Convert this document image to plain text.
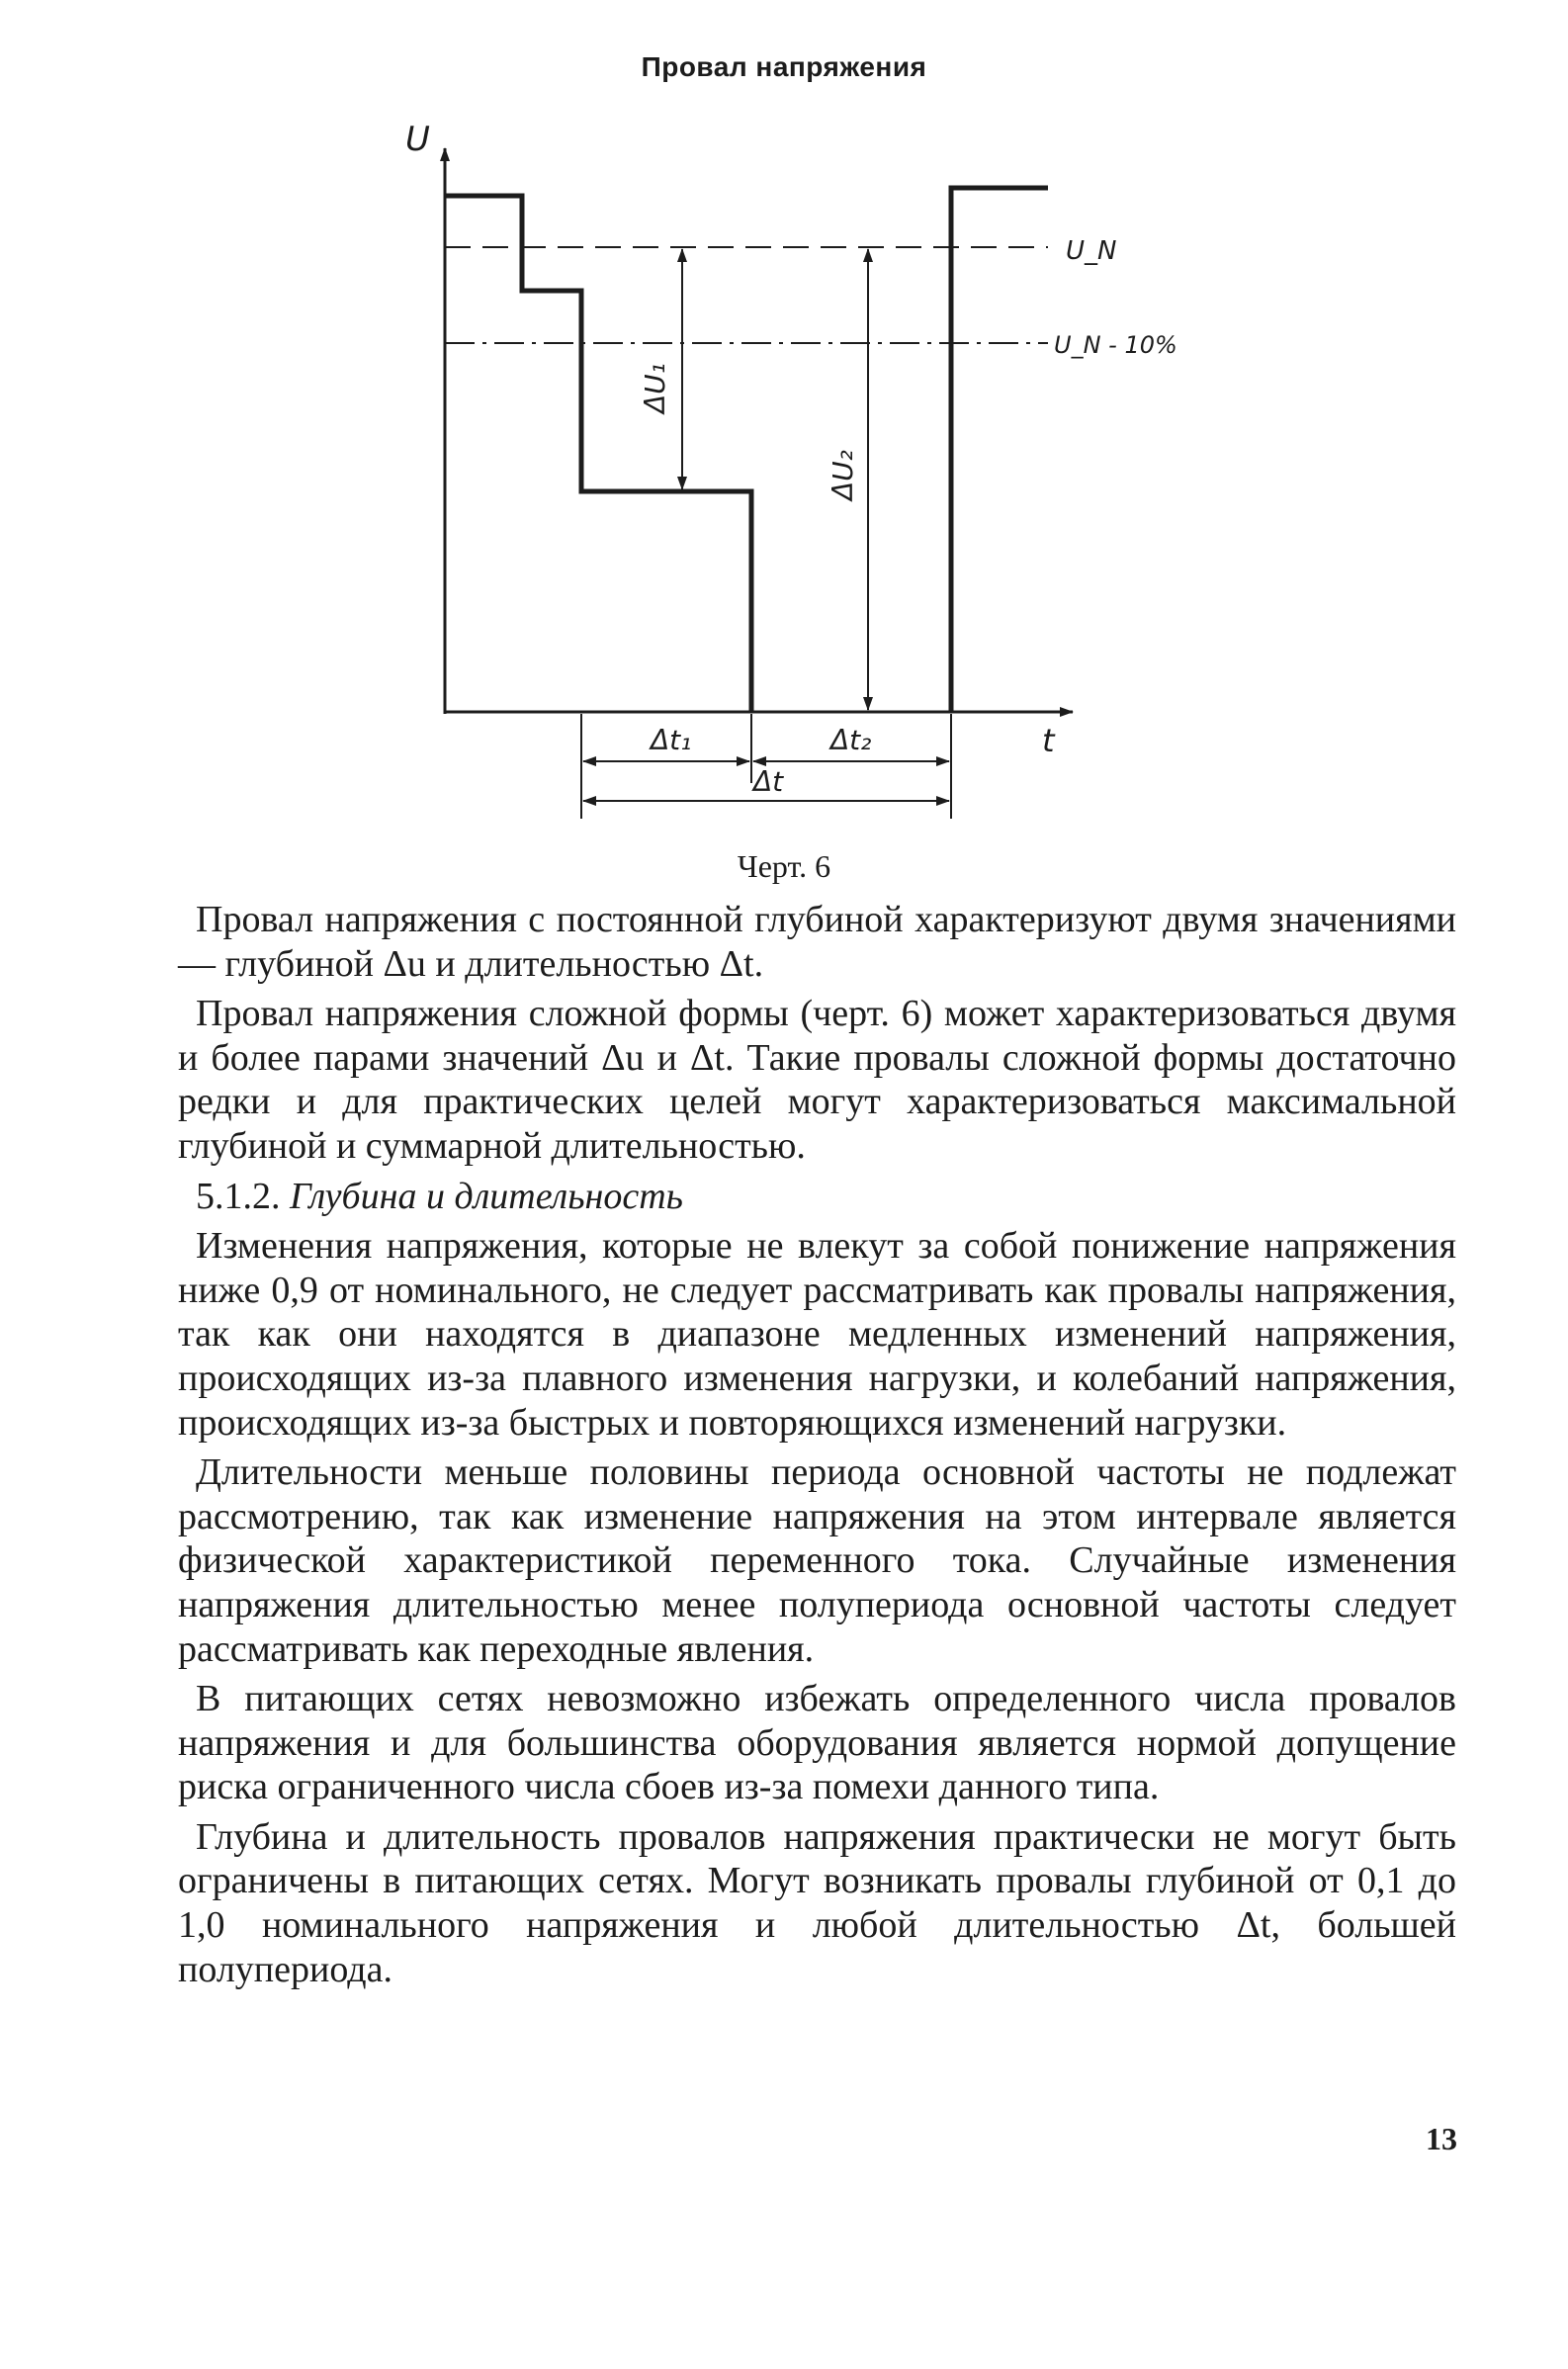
Провал напряжения
U
t
U_N
U_N - 10%
ΔU₁
ΔU₂
Δt₁	Δt₂
Δt
Черт. 6

Провал напряжения с постоянной глубиной характеризуют двумя значениями — глубиной Δu и длительностью Δt.

Провал напряжения сложной формы (черт. 6) может характеризоваться двумя и более парами значений Δu и Δt. Такие провалы сложной формы достаточно редки и для практических целей могут характеризоваться максимальной глубиной и суммарной длительностью.

5.1.2. Глубина и длительность

Изменения напряжения, которые не влекут за собой понижение напряжения ниже 0,9 от номинального, не следует рассматривать как провалы напряжения, так как они находятся в диапазоне медленных изменений напряжения, происходящих из-за плавного изменения нагрузки, и колебаний напряжения, происходящих из-за быстрых и повторяющихся изменений нагрузки.

Длительности меньше половины периода основной частоты не подлежат рассмотрению, так как изменение напряжения на этом интервале является физической характеристикой переменного тока. Случайные изменения напряжения длительностью менее полупериода основной частоты следует рассматривать как переходные явления.

В питающих сетях невозможно избежать определенного числа провалов напряжения и для большинства оборудования является нормой допущение риска ограниченного числа сбоев из-за помехи данного типа.

Глубина и длительность провалов напряжения практически не могут быть ограничены в питающих сетях. Могут возникать провалы глубиной от 0,1 до 1,0 номинального напряжения и любой длительностью Δt, большей полупериода.

13
